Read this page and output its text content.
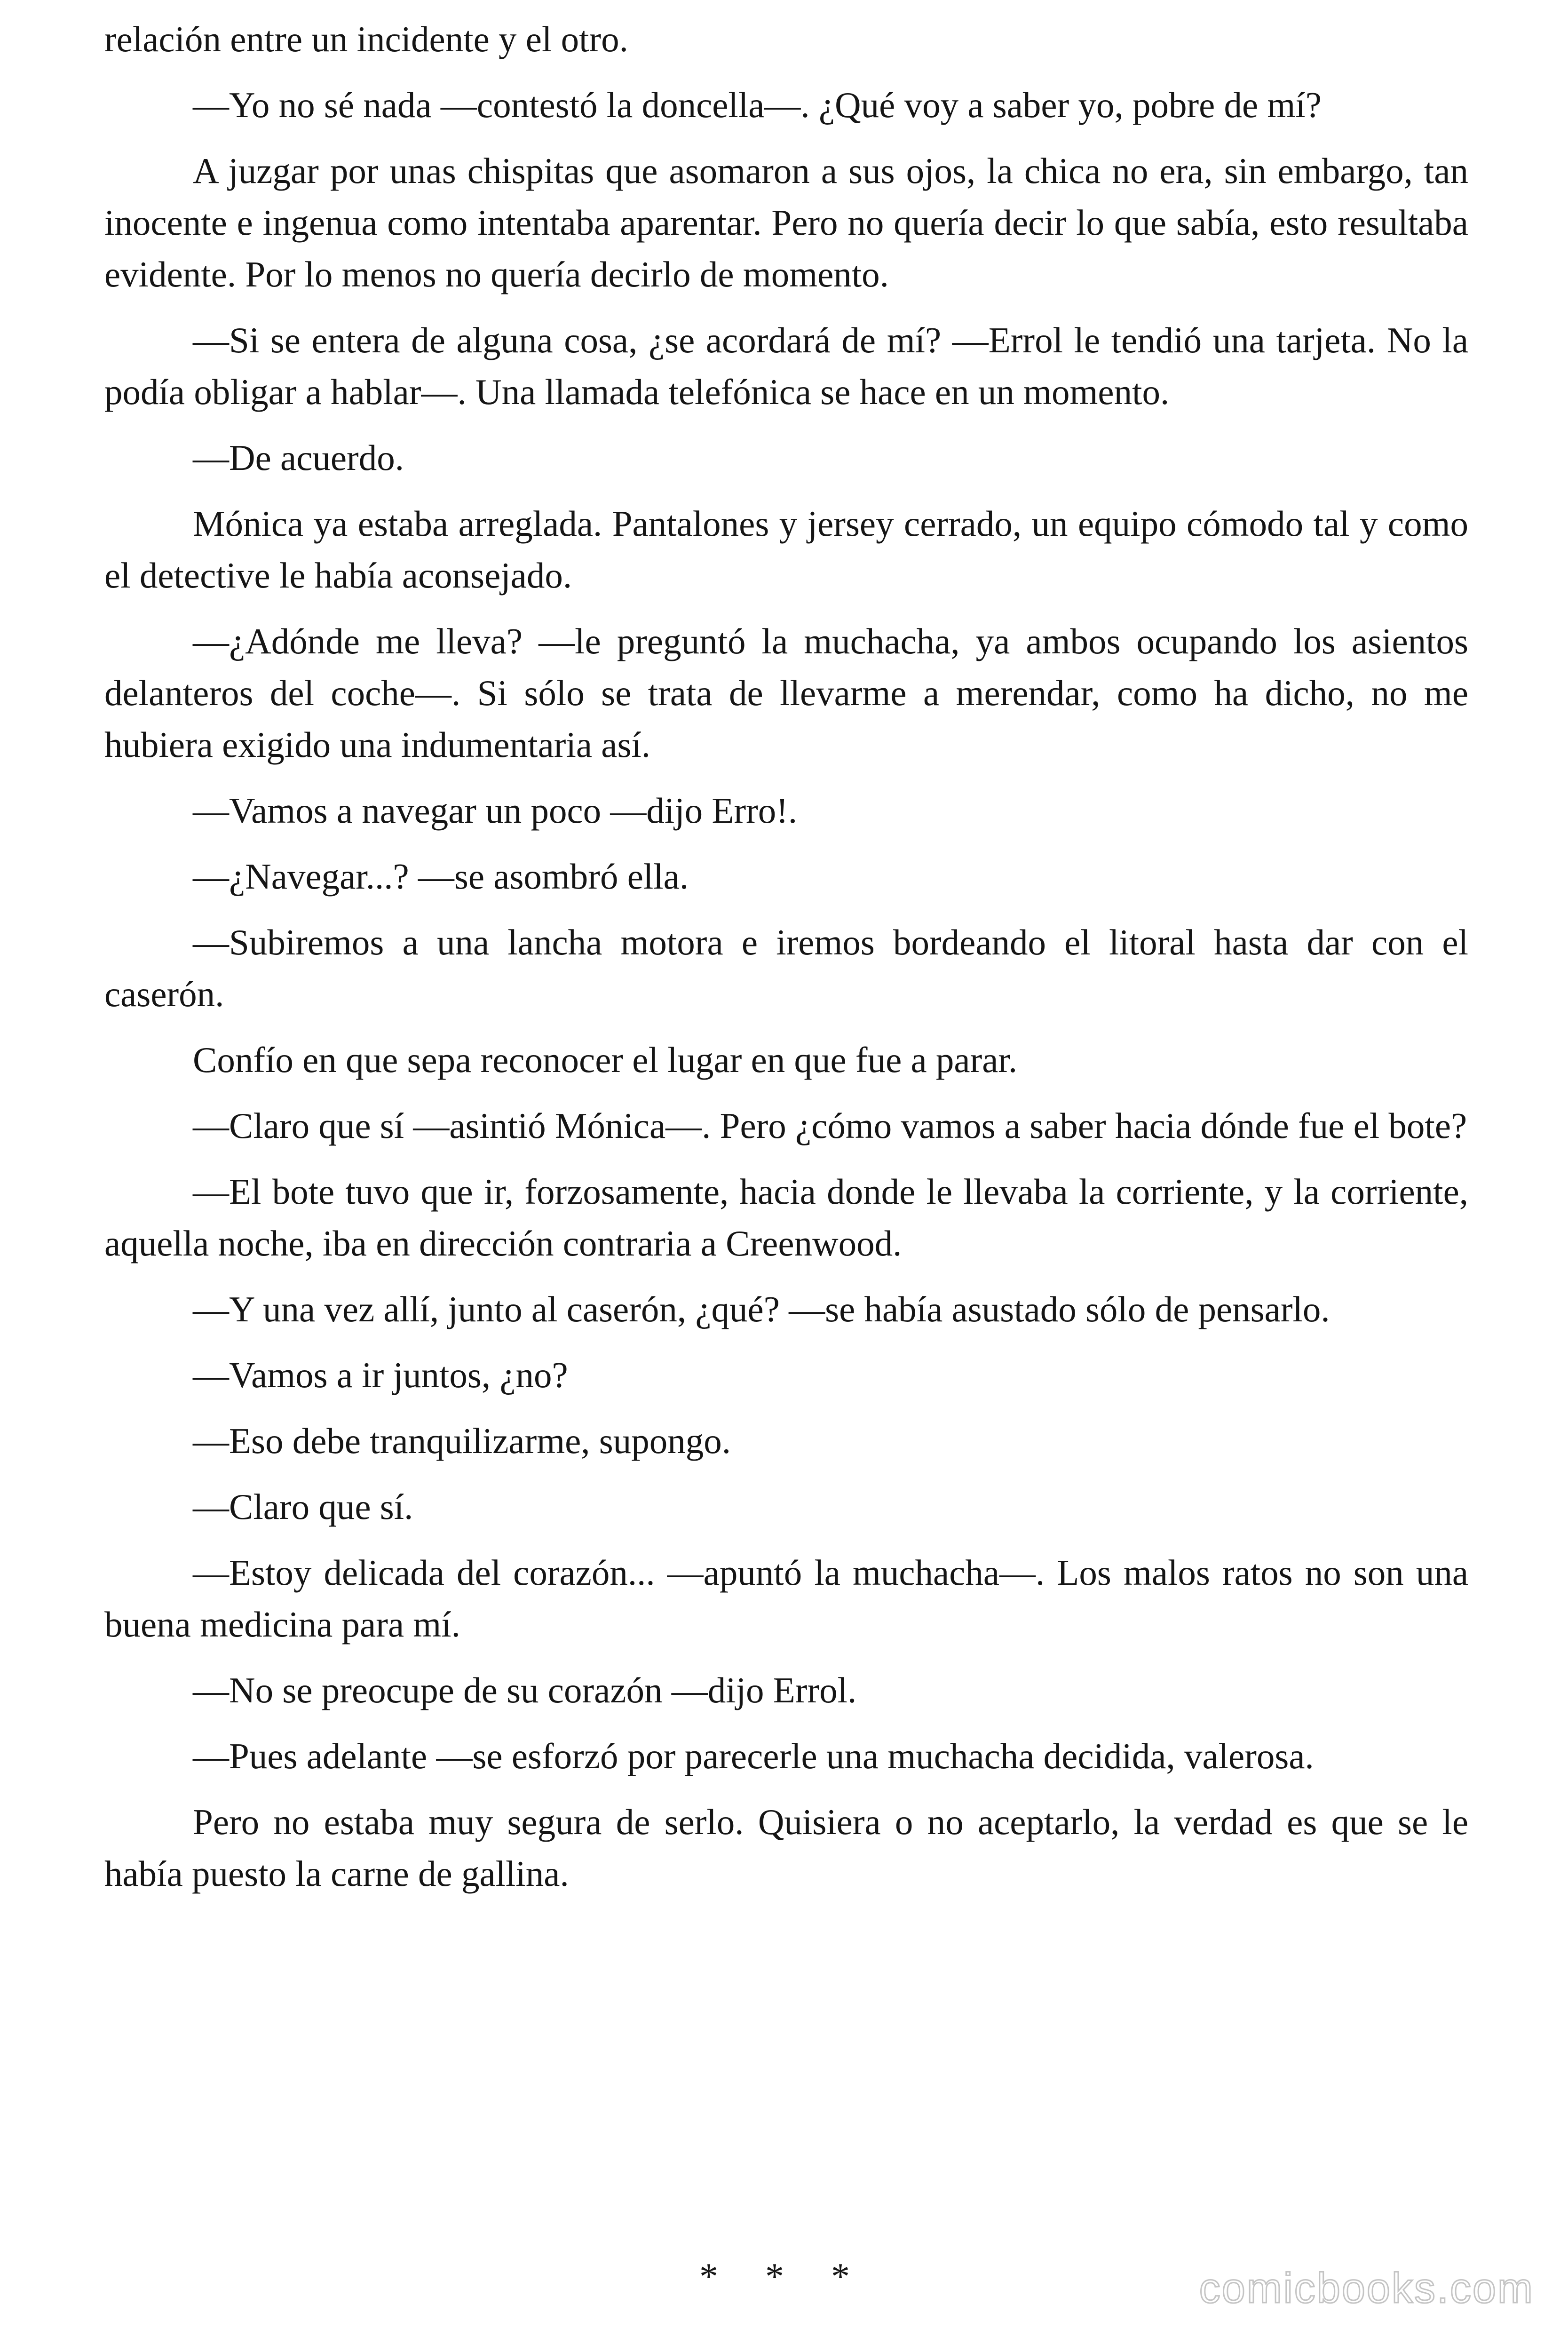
relación entre un incidente y el otro.

—Yo no sé nada —contestó la doncella—. ¿Qué voy a saber yo, pobre de mí?

A juzgar por unas chispitas que asomaron a sus ojos, la chica no era, sin embargo, tan inocente e ingenua como intentaba aparentar. Pero no quería decir lo que sabía, esto resultaba evidente. Por lo menos no quería decirlo de momento.

—Si se entera de alguna cosa, ¿se acordará de mí? —Errol le tendió una tarjeta. No la podía obligar a hablar—. Una llamada telefónica se hace en un momento.

—De acuerdo.

Mónica ya estaba arreglada. Pantalones y jersey cerrado, un equipo cómodo tal y como el detective le había aconsejado.

—¿Adónde me lleva? —le preguntó la muchacha, ya ambos ocupando los asientos delanteros del coche—. Si sólo se trata de llevarme a merendar, como ha dicho, no me hubiera exigido una indumentaria así.

—Vamos a navegar un poco —dijo Erro!.

—¿Navegar...? —se asombró ella.

—Subiremos a una lancha motora e iremos bordeando el litoral hasta dar con el caserón.

Confío en que sepa reconocer el lugar en que fue a parar.

—Claro que sí —asintió Mónica—. Pero ¿cómo vamos a saber hacia dónde fue el bote?

—El bote tuvo que ir, forzosamente, hacia donde le llevaba la corriente, y la corriente, aquella noche, iba en dirección contraria a Creenwood.

—Y una vez allí, junto al caserón, ¿qué? —se había asustado sólo de pensarlo.

—Vamos a ir juntos, ¿no?

—Eso debe tranquilizarme, supongo.

—Claro que sí.

—Estoy delicada del corazón... —apuntó la muchacha—. Los malos ratos no son una buena medicina para mí.

—No se preocupe de su corazón —dijo Errol.

—Pues adelante —se esforzó por parecerle una muchacha decidida, valerosa.

Pero no estaba muy segura de serlo. Quisiera o no aceptarlo, la verdad es que se le había puesto la carne de gallina.

* * *	comicbooks.com
